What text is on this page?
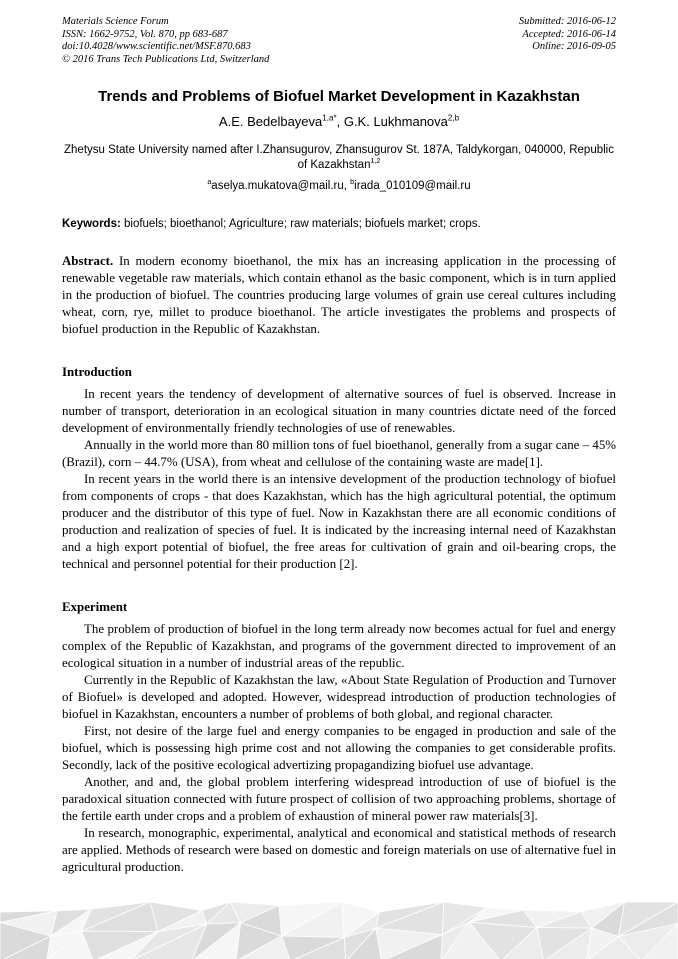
Materials Science Forum
ISSN: 1662-9752, Vol. 870, pp 683-687
doi:10.4028/www.scientific.net/MSF.870.683
© 2016 Trans Tech Publications Ltd, Switzerland
Submitted: 2016-06-12
Accepted: 2016-06-14
Online: 2016-09-05
Trends and Problems of Biofuel Market Development in Kazakhstan
A.E. Bedelbayeva$^{1,a*}$, G.K. Lukhmanova$^{2,b}$
Zhetysu State University named after I.Zhansugurov, Zhansugurov St. 187A, Taldykorgan, 040000, Republic of Kazakhstan$^{1,2}$
$^a$aselya.mukatova@mail.ru, $^b$irada_010109@mail.ru
Keywords: biofuels; bioethanol; Agriculture; raw materials; biofuels market; crops.

Abstract. In modern economy bioethanol, the mix has an increasing application in the processing of renewable vegetable raw materials, which contain ethanol as the basic component, which is in turn applied in the production of biofuel. The countries producing large volumes of grain use cereal cultures including wheat, corn, rye, millet to produce bioethanol. The article investigates the problems and prospects of biofuel production in the Republic of Kazakhstan.

Introduction

In recent years the tendency of development of alternative sources of fuel is observed. Increase in number of transport, deterioration in an ecological situation in many countries dictate need of the forced development of environmentally friendly technologies of use of renewables.

Annually in the world more than 80 million tons of fuel bioethanol, generally from a sugar cane – 45% (Brazil), corn – 44.7% (USA), from wheat and cellulose of the containing waste are made[1].

In recent years in the world there is an intensive development of the production technology of biofuel from components of crops - that does Kazakhstan, which has the high agricultural potential, the optimum producer and the distributor of this type of fuel. Now in Kazakhstan there are all economic conditions of production and realization of species of fuel. It is indicated by the increasing internal need of Kazakhstan and a high export potential of biofuel, the free areas for cultivation of grain and oil-bearing crops, the technical and personnel potential for their production [2].

Experiment

The problem of production of biofuel in the long term already now becomes actual for fuel and energy complex of the Republic of Kazakhstan, and programs of the government directed to improvement of an ecological situation in a number of industrial areas of the republic.

Currently in the Republic of Kazakhstan the law, «About State Regulation of Production and Turnover of Biofuel» is developed and adopted. However, widespread introduction of production technologies of biofuel in Kazakhstan, encounters a number of problems of both global, and regional character.

First, not desire of the large fuel and energy companies to be engaged in production and sale of the biofuel, which is possessing high prime cost and not allowing the companies to get considerable profits. Secondly, lack of the positive ecological advertizing propagandizing biofuel use advantage.

Another, and and, the global problem interfering widespread introduction of use of biofuel is the paradoxical situation connected with future prospect of collision of two approaching problems, shortage of the fertile earth under crops and a problem of exhaustion of mineral power raw materials[3].

In research, monographic, experimental, analytical and economical and statistical methods of research are applied. Methods of research were based on domestic and foreign materials on use of alternative fuel in agricultural production.
